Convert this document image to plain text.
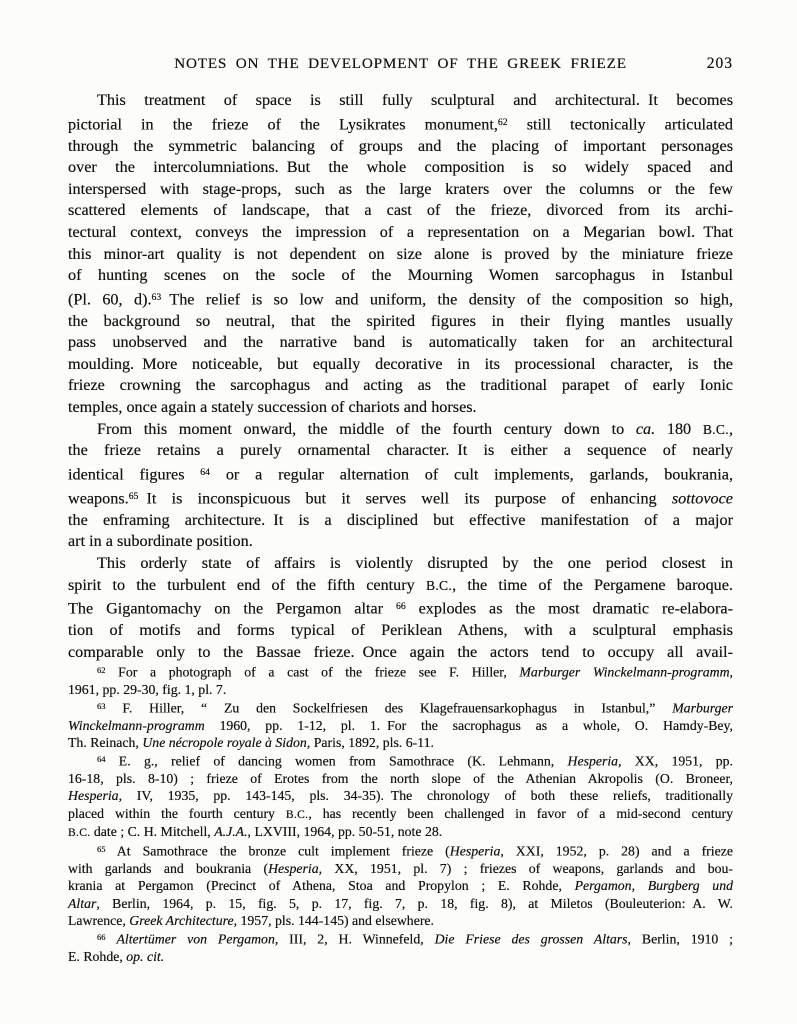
NOTES ON THE DEVELOPMENT OF THE GREEK FRIEZE	203
This treatment of space is still fully sculptural and architectural. It becomes
pictorial in the frieze of the Lysikrates monument,$^{62}$ still tectonically articulated
through the symmetric balancing of groups and the placing of important personages
over the intercolumniations. But the whole composition is so widely spaced and
interspersed with stage-props, such as the large kraters over the columns or the few
scattered elements of landscape, that a cast of the frieze, divorced from its archi-
tectural context, conveys the impression of a representation on a Megarian bowl. That
this minor-art quality is not dependent on size alone is proved by the miniature frieze
of hunting scenes on the socle of the Mourning Women sarcophagus in Istanbul
(Pl. 60, d).$^{63}$ The relief is so low and uniform, the density of the composition so high,
the background so neutral, that the spirited figures in their flying mantles usually
pass unobserved and the narrative band is automatically taken for an architectural
moulding. More noticeable, but equally decorative in its processional character, is the
frieze crowning the sarcophagus and acting as the traditional parapet of early Ionic
temples, once again a stately succession of chariots and horses.
From this moment onward, the middle of the fourth century down to ca. 180 B.C.,
the frieze retains a purely ornamental character. It is either a sequence of nearly
identical figures $^{64}$ or a regular alternation of cult implements, garlands, boukrania,
weapons.$^{65}$ It is inconspicuous but it serves well its purpose of enhancing sottovoce
the enframing architecture. It is a disciplined but effective manifestation of a major
art in a subordinate position.
This orderly state of affairs is violently disrupted by the one period closest in
spirit to the turbulent end of the fifth century B.C., the time of the Pergamene baroque.
The Gigantomachy on the Pergamon altar $^{66}$ explodes as the most dramatic re-elabora-
tion of motifs and forms typical of Periklean Athens, with a sculptural emphasis
comparable only to the Bassae frieze. Once again the actors tend to occupy all avail-
$^{62}$ For a photograph of a cast of the frieze see F. Hiller, Marburger Winckelmann-programm,
1961, pp. 29-30, fig. 1, pl. 7.
$^{63}$ F. Hiller, “ Zu den Sockelfriesen des Klagefrauensarkophagus in Istanbul,” Marburger
Winckelmann-programm 1960, pp. 1-12, pl. 1. For the sacrophagus as a whole, O. Hamdy-Bey,
Th. Reinach, Une nécropole royale à Sidon, Paris, 1892, pls. 6-11.
$^{64}$ E. g., relief of dancing women from Samothrace (K. Lehmann, Hesperia, XX, 1951, pp.
16-18, pls. 8-10) ; frieze of Erotes from the north slope of the Athenian Akropolis (O. Broneer,
Hesperia, IV, 1935, pp. 143-145, pls. 34-35). The chronology of both these reliefs, traditionally
placed within the fourth century B.C., has recently been challenged in favor of a mid-second century
B.C. date ; C. H. Mitchell, A.J.A., LXVIII, 1964, pp. 50-51, note 28.
$^{65}$ At Samothrace the bronze cult implement frieze (Hesperia, XXI, 1952, p. 28) and a frieze
with garlands and boukrania (Hesperia, XX, 1951, pl. 7) ; friezes of weapons, garlands and bou-
krania at Pergamon (Precinct of Athena, Stoa and Propylon ; E. Rohde, Pergamon, Burgberg und
Altar, Berlin, 1964, p. 15, fig. 5, p. 17, fig. 7, p. 18, fig. 8), at Miletos (Bouleuterion: A. W.
Lawrence, Greek Architecture, 1957, pls. 144-145) and elsewhere.
$^{66}$ Altertümer von Pergamon, III, 2, H. Winnefeld, Die Friese des grossen Altars, Berlin, 1910 ;
E. Rohde, op. cit.
